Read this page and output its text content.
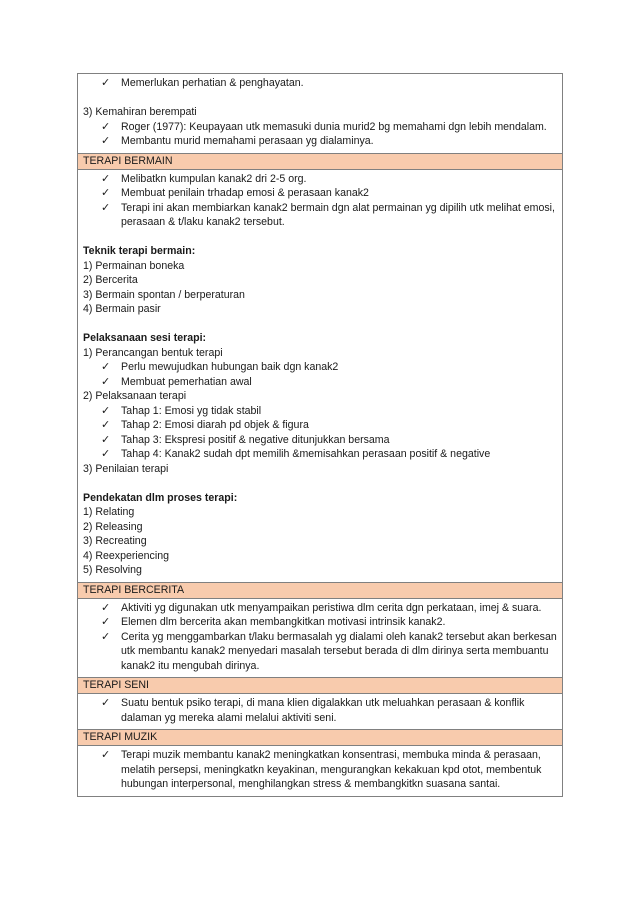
✓	Memerlukan perhatian & penghayatan.
3) Kemahiran berempati
✓	Roger (1977): Keupayaan utk memasuki dunia murid2 bg memahami dgn lebih mendalam.
✓	Membantu murid memahami perasaan yg dialaminya.
TERAPI BERMAIN
✓	Melibatkn kumpulan kanak2 dri 2-5 org.
✓	Membuat penilain trhadap emosi & perasaan kanak2
✓	Terapi ini akan membiarkan kanak2 bermain dgn alat permainan yg dipilih utk melihat emosi, perasaan & t/laku kanak2 tersebut.
Teknik terapi bermain:
1) Permainan boneka
2) Bercerita
3) Bermain spontan / berperaturan
4) Bermain pasir
Pelaksanaan sesi terapi:
1) Perancangan bentuk terapi
✓	Perlu mewujudkan hubungan baik dgn kanak2
✓	Membuat pemerhatian awal
2) Pelaksanaan terapi
✓	Tahap 1: Emosi yg tidak stabil
✓	Tahap 2: Emosi diarah pd objek & figura
✓	Tahap 3: Ekspresi positif & negative ditunjukkan bersama
✓	Tahap 4: Kanak2 sudah dpt memilih &memisahkan perasaan positif & negative
3) Penilaian terapi
Pendekatan dlm proses terapi:
1) Relating
2) Releasing
3) Recreating
4) Reexperiencing
5) Resolving
TERAPI BERCERITA
✓	Aktiviti yg digunakan utk menyampaikan peristiwa dlm cerita dgn perkataan, imej & suara.
✓	Elemen dlm bercerita akan membangkitkan motivasi intrinsik kanak2.
✓	Cerita yg menggambarkan t/laku bermasalah yg dialami oleh kanak2 tersebut akan berkesan utk membantu kanak2 menyedari masalah tersebut berada di dlm dirinya serta membuantu kanak2 itu mengubah dirinya.
TERAPI SENI
✓	Suatu bentuk psiko terapi, di mana klien digalakkan utk meluahkan perasaan & konflik dalaman yg mereka alami melalui aktiviti seni.
TERAPI MUZIK
✓	Terapi muzik membantu kanak2 meningkatkan konsentrasi, membuka minda & perasaan, melatih persepsi, meningkatkn keyakinan, mengurangkan kekakuan kpd otot, membentuk hubungan interpersonal, menghilangkan stress & membangkitkn suasana santai.
